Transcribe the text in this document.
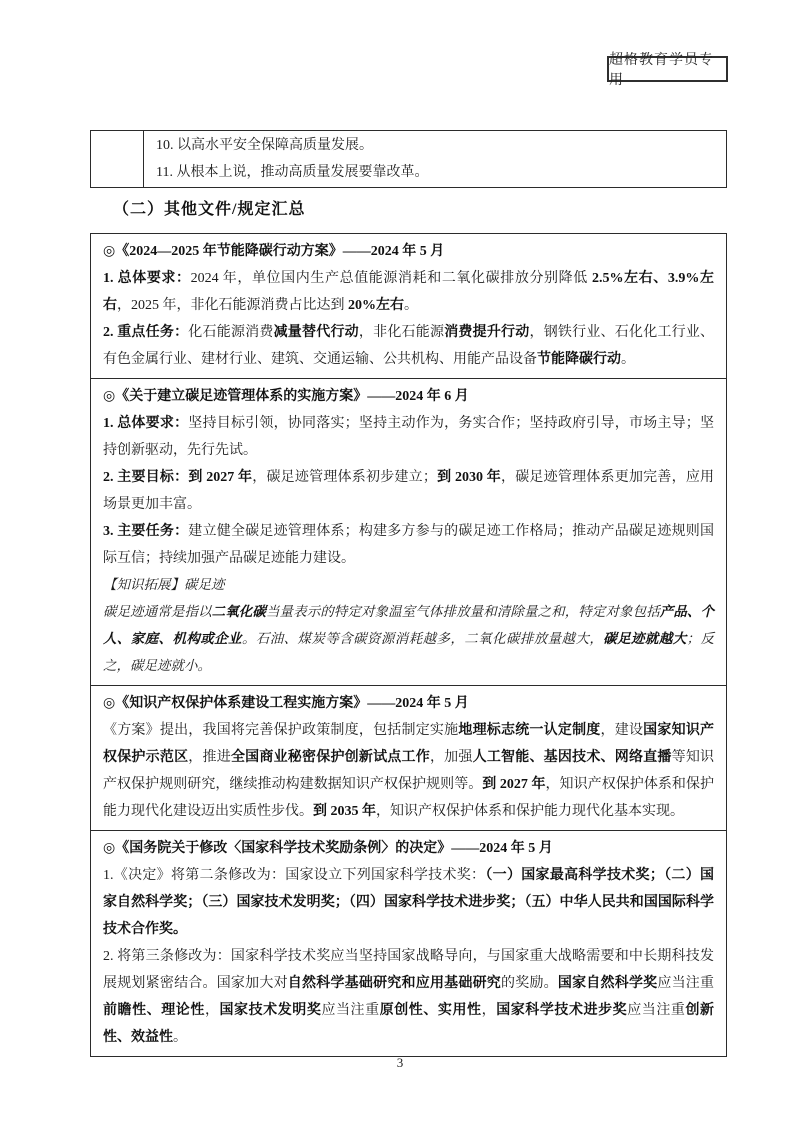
超格教育学员专用
10. 以高水平安全保障高质量发展。
11. 从根本上说，推动高质量发展要靠改革。
（二）其他文件/规定汇总
◎《2024—2025 年节能降碳行动方案》——2024 年 5 月
1. 总体要求：2024 年，单位国内生产总值能源消耗和二氧化碳排放分别降低 2.5%左右、3.9%左右，2025 年，非化石能源消费占比达到 20%左右。
2. 重点任务：化石能源消费减量替代行动，非化石能源消费提升行动，钢铁行业、石化化工行业、有色金属行业、建材行业、建筑、交通运输、公共机构、用能产品设备节能降碳行动。
◎《关于建立碳足迹管理体系的实施方案》——2024 年 6 月
1. 总体要求：坚持目标引领，协同落实；坚持主动作为，务实合作；坚持政府引导，市场主导；坚持创新驱动，先行先试。
2. 主要目标：到 2027 年，碳足迹管理体系初步建立；到 2030 年，碳足迹管理体系更加完善，应用场景更加丰富。
3. 主要任务：建立健全碳足迹管理体系；构建多方参与的碳足迹工作格局；推动产品碳足迹规则国际互信；持续加强产品碳足迹能力建设。
【知识拓展】碳足迹
碳足迹通常是指以二氧化碳当量表示的特定对象温室气体排放量和清除量之和，特定对象包括产品、个人、家庭、机构或企业。石油、煤炭等含碳资源消耗越多，二氧化碳排放量越大，碳足迹就越大；反之，碳足迹就小。
◎《知识产权保护体系建设工程实施方案》——2024 年 5 月
《方案》提出，我国将完善保护政策制度，包括制定实施地理标志统一认定制度，建设国家知识产权保护示范区，推进全国商业秘密保护创新试点工作，加强人工智能、基因技术、网络直播等知识产权保护规则研究，继续推动构建数据知识产权保护规则等。到 2027 年，知识产权保护体系和保护能力现代化建设迈出实质性步伐。到 2035 年，知识产权保护体系和保护能力现代化基本实现。
◎《国务院关于修改〈国家科学技术奖励条例〉的决定》——2024 年 5 月
1.《决定》将第二条修改为：国家设立下列国家科学技术奖：（一）国家最高科学技术奖；（二）国家自然科学奖；（三）国家技术发明奖；（四）国家科学技术进步奖；（五）中华人民共和国国际科学技术合作奖。
2. 将第三条修改为：国家科学技术奖应当坚持国家战略导向，与国家重大战略需要和中长期科技发展规划紧密结合。国家加大对自然科学基础研究和应用基础研究的奖励。国家自然科学奖应当注重前瞻性、理论性，国家技术发明奖应当注重原创性、实用性，国家科学技术进步奖应当注重创新性、效益性。
3
